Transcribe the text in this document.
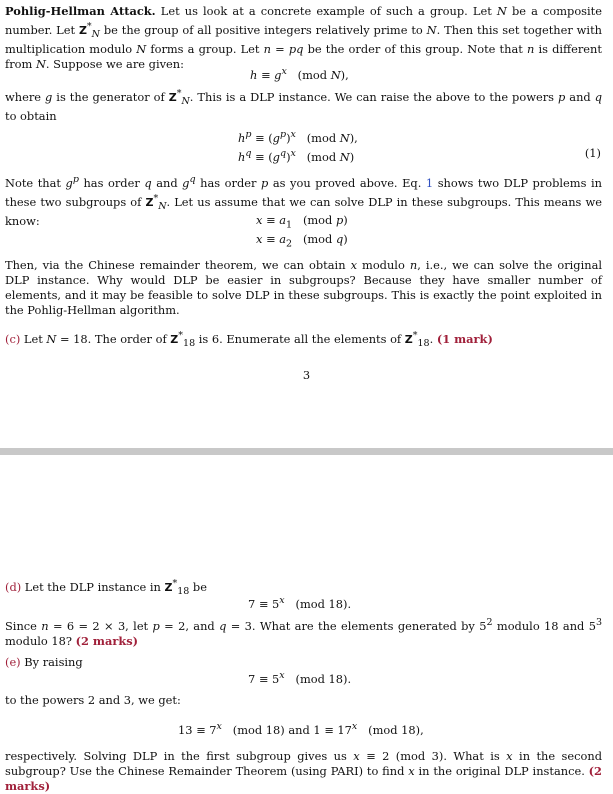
Pohlig-Hellman Attack. Let us look at a concrete example of such a group. Let N be a composite number. Let $Z^*_N$ be the group of all positive integers relatively prime to N. Then this set together with multiplication modulo N forms a group. Let n = pq be the order of this group. Note that n is different from N. Suppose we are given:

$h \equiv g^x$   (mod N),

where g is the generator of $Z^*_N$. This is a DLP instance. We can raise the above to the powers p and q to obtain

$h^p \equiv (g^p)^x$   (mod N),
$h^q \equiv (g^q)^x$   (mod N)	(1)

Note that $g^p$ has order q and $g^q$ has order p as you proved above. Eq. 1 shows two DLP problems in these two subgroups of $Z^*_N$. Let us assume that we can solve DLP in these subgroups. This means we know:	$x \equiv a_1$   (mod p)
$x \equiv a_2$   (mod q)

Then, via the Chinese remainder theorem, we can obtain x modulo n, i.e., we can solve the original DLP instance. Why would DLP be easier in subgroups? Because they have smaller number of elements, and it may be feasible to solve DLP in these subgroups. This is exactly the point exploited in the Pohlig-Hellman algorithm.

(c) Let N = 18. The order of $Z^*_{18}$ is 6. Enumerate all the elements of $Z^*_{18}$. (1 mark)

3

(d) Let the DLP instance in $Z^*_{18}$ be

$7 \equiv 5^x$   (mod 18).

Since n = 6 = 2 × 3, let p = 2, and q = 3. What are the elements generated by $5^2$ modulo 18 and $5^3$ modulo 18? (2 marks)

(e) By raising

$7 \equiv 5^x$   (mod 18).
to the powers 2 and 3, we get:
$13 \equiv 7^x$   (mod 18) and $1 \equiv 17^x$   (mod 18),

respectively. Solving DLP in the first subgroup gives us x ≡ 2 (mod 3). What is x in the second subgroup? Use the Chinese Remainder Theorem (using PARI) to find x in the original DLP instance. (2 marks)
